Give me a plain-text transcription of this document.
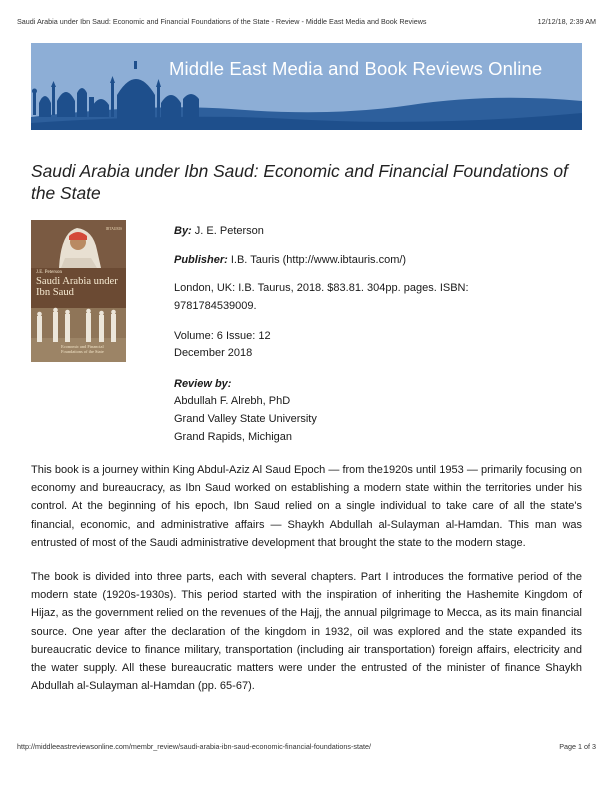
Saudi Arabia under Ibn Saud: Economic and Financial Foundations of the State - Review - Middle East Media and Book Reviews	12/12/18, 2:39 AM
Middle East Media and Book Reviews Online
Saudi Arabia under Ibn Saud: Economic and Financial Foundations of the State
IBTAURIS
J.E. Peterson
Saudi Arabia under Ibn Saud
Economic and Financial Foundations of the State
By: J. E. Peterson
Publisher: I.B. Tauris (http://www.ibtauris.com/)
London, UK: I.B. Taurus, 2018. $83.81. 304pp. pages. ISBN:
9781784539009.
Volume: 6 Issue: 12
December 2018
Review by:
Abdullah F. Alrebh, PhD
Grand Valley State University
Grand Rapids, Michigan

This book is a journey within King Abdul-Aziz Al Saud Epoch — from the1920s until 1953 — primarily focusing on economy and bureaucracy, as Ibn Saud worked on establishing a modern state within the territories under his control. At the beginning of his epoch, Ibn Saud relied on a single individual to take care of all the state's financial, economic, and administrative affairs — Shaykh Abdullah al-Sulayman al-Hamdan. This man was entrusted of most of the Saudi administrative development that brought the state to the modern stage.

The book is divided into three parts, each with several chapters. Part I introduces the formative period of the modern state (1920s-1930s). This period started with the inspiration of inheriting the Hashemite Kingdom of Hijaz, as the government relied on the revenues of the Hajj, the annual pilgrimage to Mecca, as its main financial source. One year after the declaration of the kingdom in 1932, oil was explored and the state expanded its bureaucratic device to finance military, transportation (including air transportation) foreign affairs, electricity and the water supply. All these bureaucratic matters were under the entrusted of the minister of finance Shaykh Abdullah al-Sulayman al-Hamdan (pp. 65-67).

http://middleeastreviewsonline.com/membr_review/saudi-arabia-ibn-saud-economic-financial-foundations-state/	Page 1 of 3
